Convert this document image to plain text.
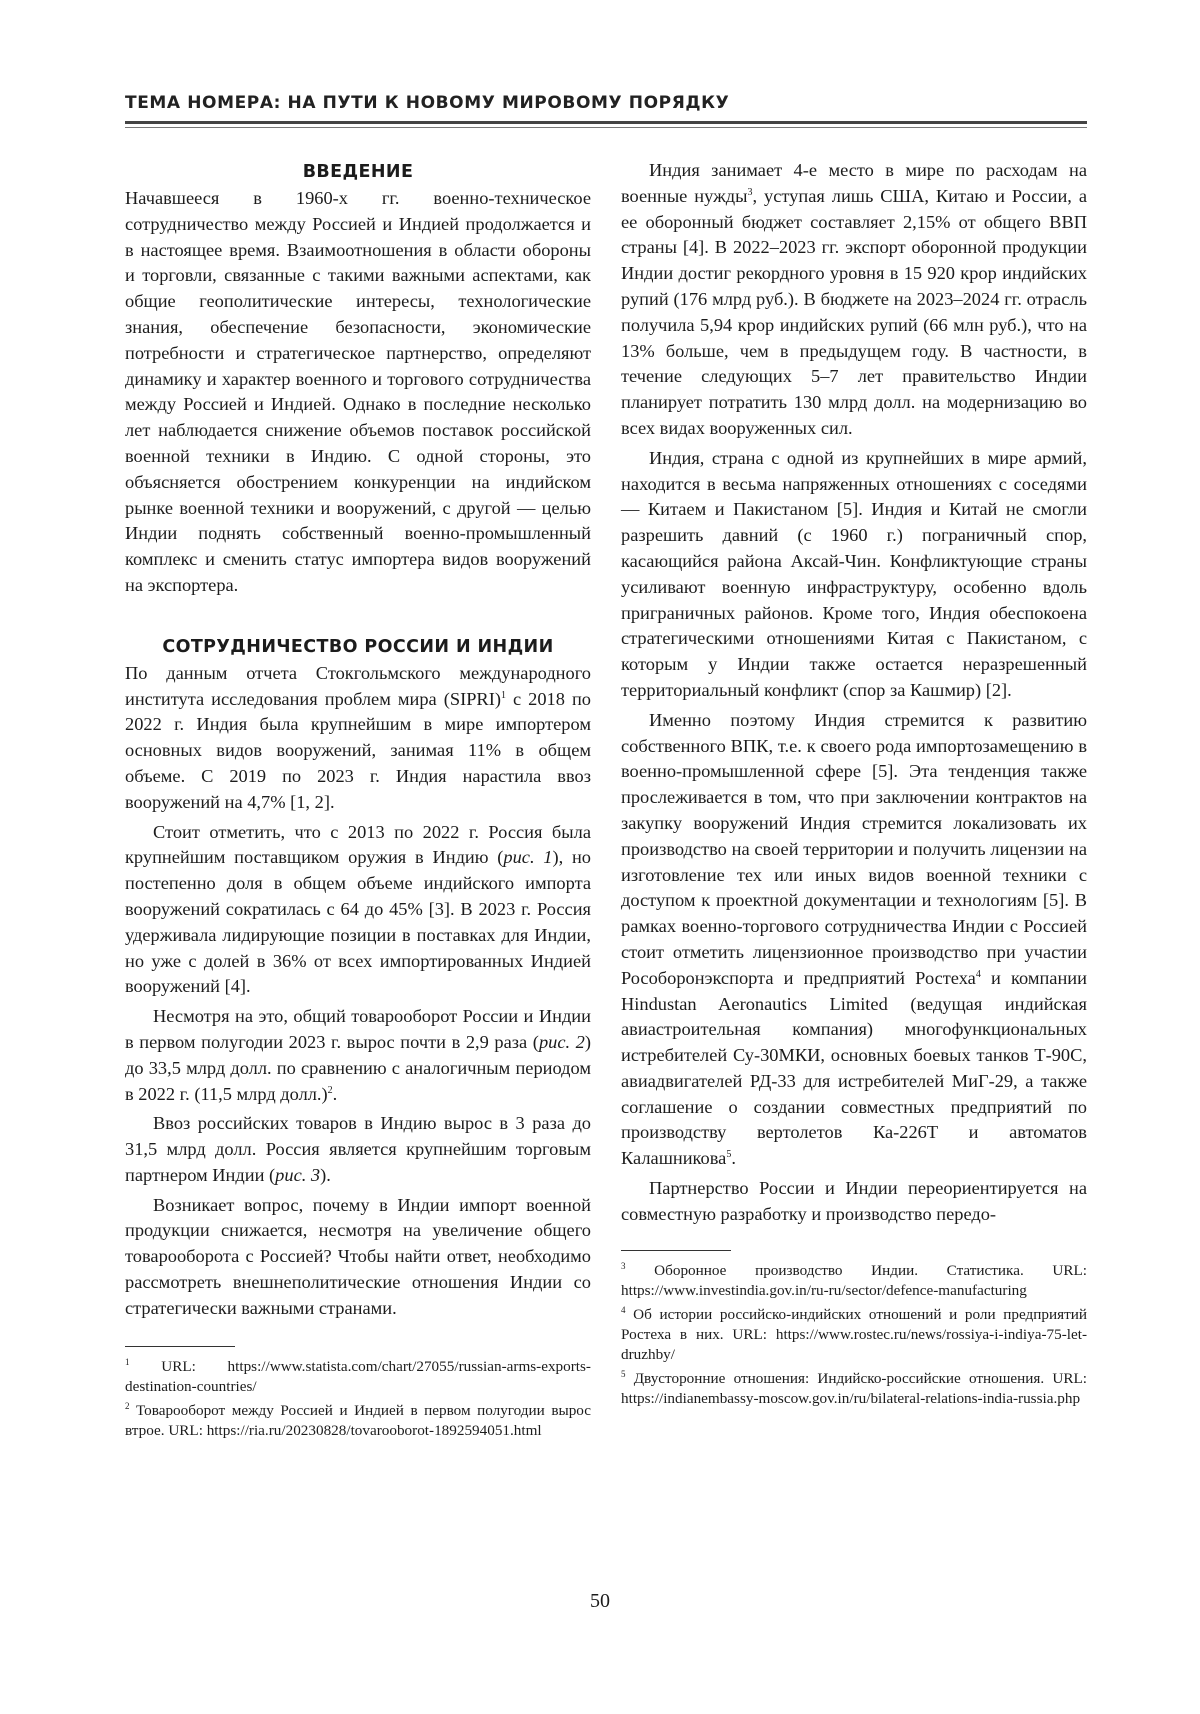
ТЕМА НОМЕРА: НА ПУТИ К НОВОМУ МИРОВОМУ ПОРЯДКУ
ВВЕДЕНИЕ

Начавшееся в 1960-х гг. военно-техническое сотрудничество между Россией и Индией продолжается и в настоящее время. Взаимоотношения в области обороны и торговли, связанные с такими важными аспектами, как общие геополитические интересы, технологические знания, обеспечение безопасности, экономические потребности и стратегическое партнерство, определяют динамику и характер военного и торгового сотрудничества между Россией и Индией. Однако в последние несколько лет наблюдается снижение объемов поставок российской военной техники в Индию. С одной стороны, это объясняется обострением конкуренции на индийском рынке военной техники и вооружений, с другой — целью Индии поднять собственный военно-промышленный комплекс и сменить статус импортера видов вооружений на экспортера.

СОТРУДНИЧЕСТВО РОССИИ И ИНДИИ

По данным отчета Стокгольмского международного института исследования проблем мира (SIPRI)$^1$ с 2018 по 2022 г. Индия была крупнейшим в мире импортером основных видов вооружений, занимая 11% в общем объеме. С 2019 по 2023 г. Индия нарастила ввоз вооружений на 4,7% [1, 2].

Стоит отметить, что с 2013 по 2022 г. Россия была крупнейшим поставщиком оружия в Индию (рис. 1), но постепенно доля в общем объеме индийского импорта вооружений сократилась с 64 до 45% [3]. В 2023 г. Россия удерживала лидирующие позиции в поставках для Индии, но уже с долей в 36% от всех импортированных Индией вооружений [4].

Несмотря на это, общий товарооборот России и Индии в первом полугодии 2023 г. вырос почти в 2,9 раза (рис. 2) до 33,5 млрд долл. по сравнению с аналогичным периодом в 2022 г. (11,5 млрд долл.)$^2$.

Ввоз российских товаров в Индию вырос в 3 раза до 31,5 млрд долл. Россия является крупнейшим торговым партнером Индии (рис. 3).

Возникает вопрос, почему в Индии импорт военной продукции снижается, несмотря на увеличение общего товарооборота с Россией? Чтобы найти ответ, необходимо рассмотреть внешнеполитические отношения Индии со стратегически важными странами.

$^1$ URL: https://www.statista.com/chart/27055/russian-arms-exports-destination-countries/

$^2$ Товарооборот между Россией и Индией в первом полугодии вырос втрое. URL: https://ria.ru/20230828/tovarooborot-1892594051.html

Индия занимает 4-е место в мире по расходам на военные нужды$^3$, уступая лишь США, Китаю и России, а ее оборонный бюджет составляет 2,15% от общего ВВП страны [4]. В 2022–2023 гг. экспорт оборонной продукции Индии достиг рекордного уровня в 15 920 крор индийских рупий (176 млрд руб.). В бюджете на 2023–2024 гг. отрасль получила 5,94 крор индийских рупий (66 млн руб.), что на 13% больше, чем в предыдущем году. В частности, в течение следующих 5–7 лет правительство Индии планирует потратить 130 млрд долл. на модернизацию во всех видах вооруженных сил.

Индия, страна с одной из крупнейших в мире армий, находится в весьма напряженных отношениях с соседями — Китаем и Пакистаном [5]. Индия и Китай не смогли разрешить давний (с 1960 г.) пограничный спор, касающийся района Аксай-Чин. Конфликтующие страны усиливают военную инфраструктуру, особенно вдоль приграничных районов. Кроме того, Индия обеспокоена стратегическими отношениями Китая с Пакистаном, с которым у Индии также остается неразрешенный территориальный конфликт (спор за Кашмир) [2].

Именно поэтому Индия стремится к развитию собственного ВПК, т.е. к своего рода импортозамещению в военно-промышленной сфере [5]. Эта тенденция также прослеживается в том, что при заключении контрактов на закупку вооружений Индия стремится локализовать их производство на своей территории и получить лицензии на изготовление тех или иных видов военной техники с доступом к проектной документации и технологиям [5]. В рамках военно-торгового сотрудничества Индии с Россией стоит отметить лицензионное производство при участии Рособоронэкспорта и предприятий Ростеха$^4$ и компании Hindustan Aeronautics Limited (ведущая индийская авиастроительная компания) многофункциональных истребителей Су-30МКИ, основных боевых танков Т-90С, авиадвигателей РД-33 для истребителей МиГ-29, а также соглашение о создании совместных предприятий по производству вертолетов Ка-226Т и автоматов Калашникова$^5$.

Партнерство России и Индии переориентируется на совместную разработку и производство передо-

$^3$ Оборонное производство Индии. Статистика. URL: https://www.investindia.gov.in/ru-ru/sector/defence-manufacturing

$^4$ Об истории российско-индийских отношений и роли предприятий Ростеха в них. URL: https://www.rostec.ru/news/rossiya-i-indiya-75-let-druzhby/

$^5$ Двусторонние отношения: Индийско-российские отношения. URL: https://indianembassy-moscow.gov.in/ru/bilateral-relations-india-russia.php

50
